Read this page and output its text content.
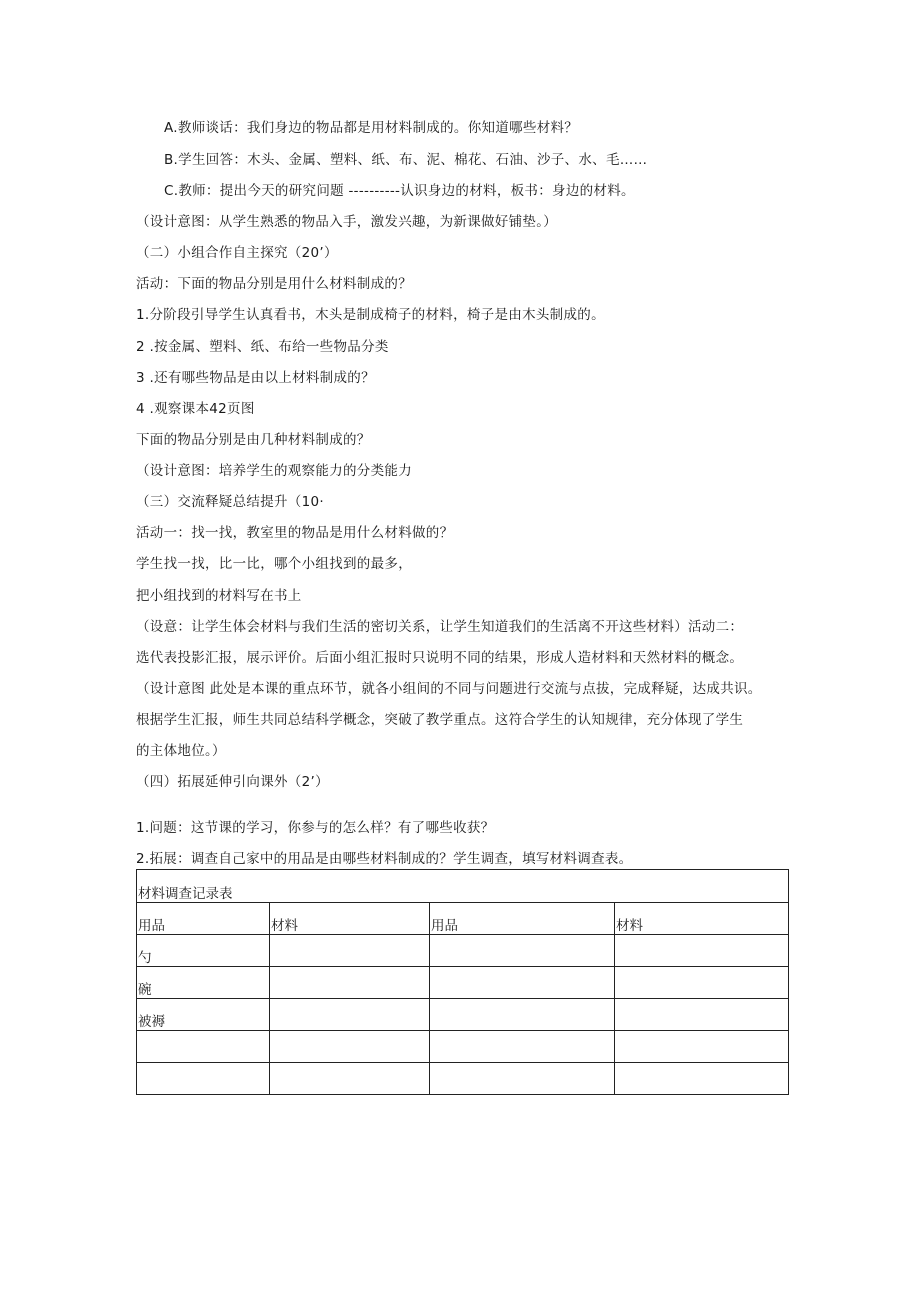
A.教师谈话：我们身边的物品都是用材料制成的。你知道哪些材料？
B.学生回答：木头、金属、塑料、纸、布、泥、棉花、石油、沙子、水、毛……
C.教师：提出今天的研究问题 ----------认识身边的材料，板书：身边的材料。
（设计意图：从学生熟悉的物品入手，激发兴趣，为新课做好铺垫。）
（二）小组合作自主探究（20’）
活动：下面的物品分别是用什么材料制成的？
1.分阶段引导学生认真看书，木头是制成椅子的材料，椅子是由木头制成的。
2 .按金属、塑料、纸、布给一些物品分类
3 .还有哪些物品是由以上材料制成的？
4 .观察课本42页图
下面的物品分别是由几种材料制成的？
（设计意图：培养学生的观察能力的分类能力
（三）交流释疑总结提升（10·
活动一：找一找，教室里的物品是用什么材料做的？
学生找一找，比一比，哪个小组找到的最多，
把小组找到的材料写在书上
（设意：让学生体会材料与我们生活的密切关系，让学生知道我们的生活离不开这些材料）活动二：
选代表投影汇报，展示评价。后面小组汇报时只说明不同的结果，形成人造材料和天然材料的概念。
（设计意图 此处是本课的重点环节，就各小组间的不同与问题进行交流与点拔，完成释疑，达成共识。
根据学生汇报，师生共同总结科学概念，突破了教学重点。这符合学生的认知规律，充分体现了学生
的主体地位。）
（四）拓展延伸引向课外（2’）
1.问题：这节课的学习，你参与的怎么样？有了哪些收获？
2.拓展：调查自己家中的用品是由哪些材料制成的？学生调查，填写材料调查表。
材料调查记录表			
用品	材料	用品	材料
勺			
碗			
被褥			
